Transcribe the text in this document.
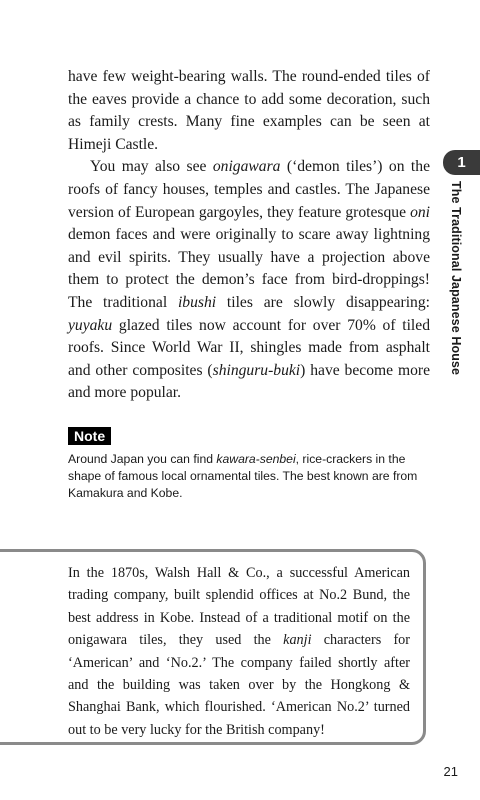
have few weight-bearing walls. The round-ended tiles of the eaves provide a chance to add some decoration, such as family crests. Many fine examples can be seen at Himeji Castle.

You may also see onigawara (‘demon tiles’) on the roofs of fancy houses, temples and castles. The Japanese version of European gargoyles, they feature grotesque oni demon faces and were originally to scare away lightning and evil spirits. They usually have a projection above them to protect the demon’s face from bird-droppings! The traditional ibushi tiles are slowly disappearing: yuyaku glazed tiles now account for over 70% of tiled roofs. Since World War II, shingles made from asphalt and other composites (shinguru-buki) have become more and more popular.

1
The Traditional Japanese House
Note

Around Japan you can find kawara-senbei, rice-crackers in the shape of famous local ornamental tiles. The best known are from Kamakura and Kobe.

In the 1870s, Walsh Hall & Co., a successful American trading company, built splendid offices at No.2 Bund, the best address in Kobe. Instead of a traditional motif on the onigawara tiles, they used the kanji characters for ‘American’ and ‘No.2.’ The company failed shortly after and the building was taken over by the Hongkong & Shanghai Bank, which flourished. ‘American No.2’ turned out to be very lucky for the British company!

21
